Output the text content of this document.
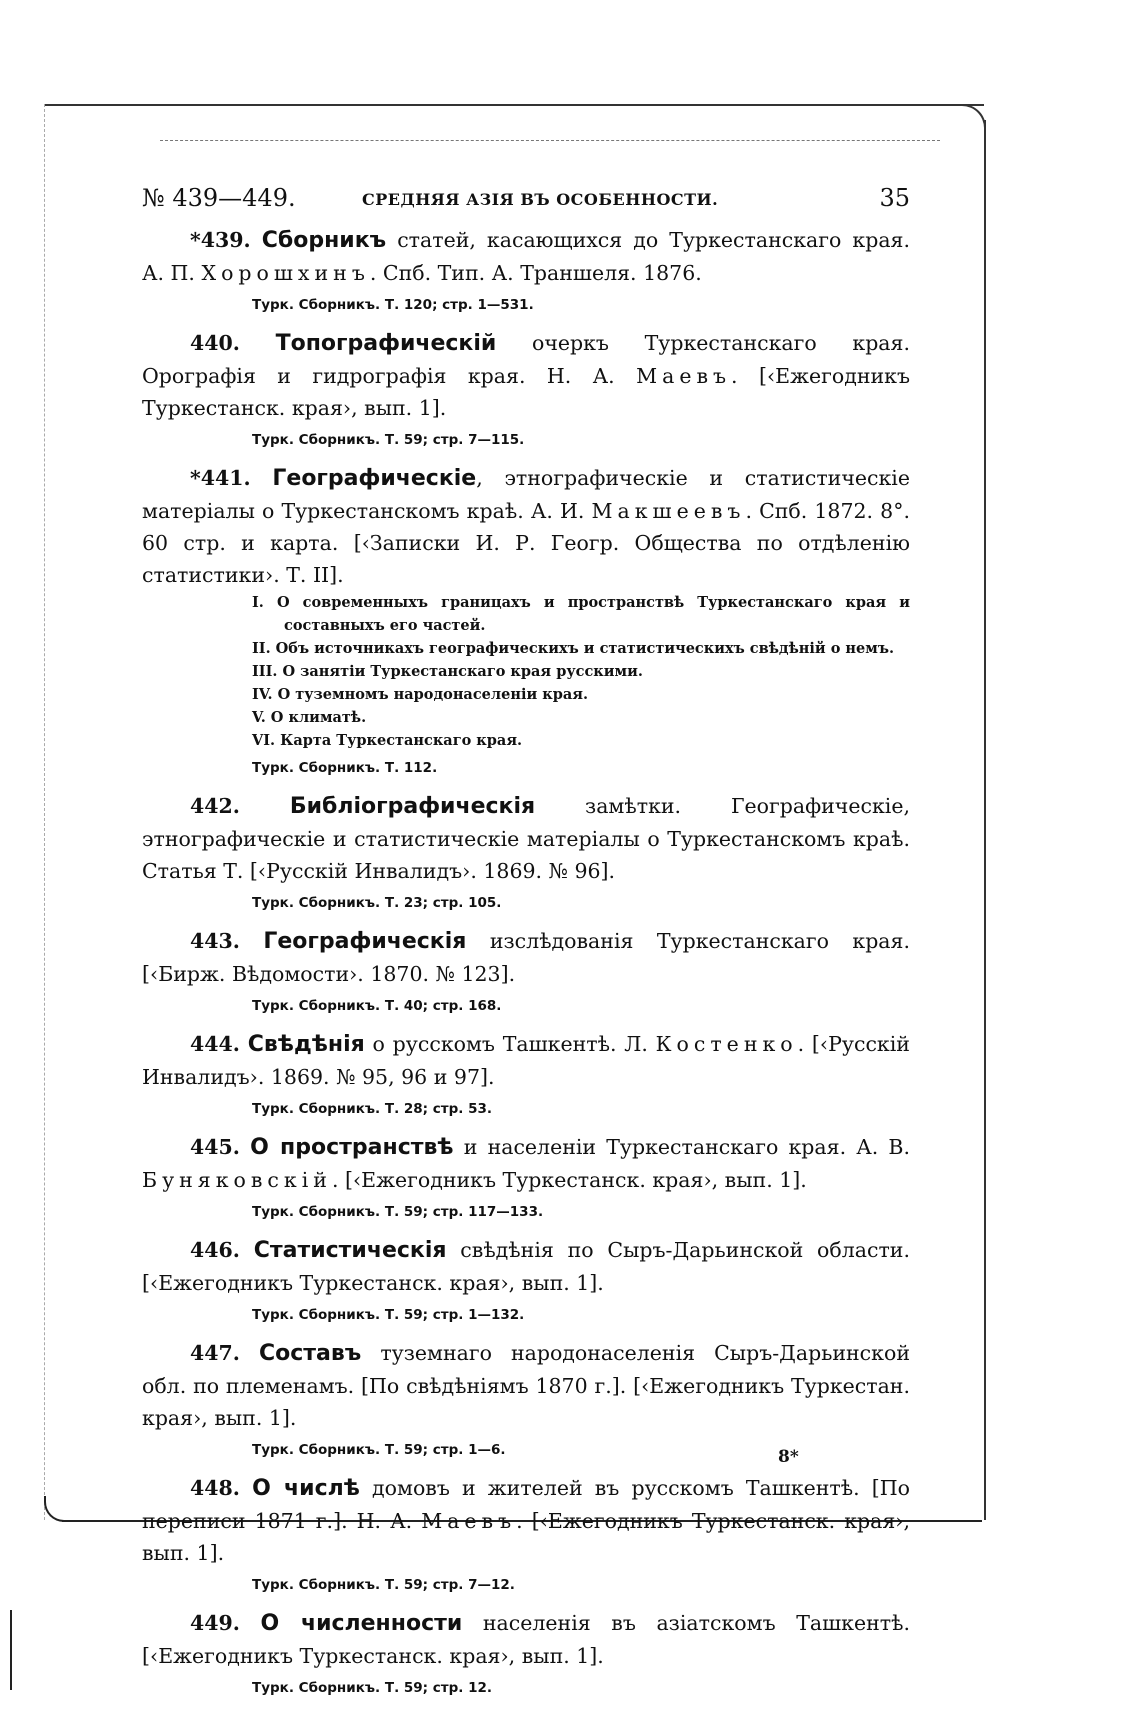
№ 439—449.	СРЕДНЯЯ АЗІЯ ВЪ ОСОБЕННОСТИ.	35

*439. Сборникъ статей, касающихся до Туркестанскаго края. А. П. Хорошхинъ. Спб. Тип. А. Траншеля. 1876.

Турк. Сборникъ. Т. 120; стр. 1—531.

440. Топографическій очеркъ Туркестанскаго края. Орографія и гидрографія края. Н. А. Маевъ. [‹Ежегодникъ Туркестанск. края›, вып. 1].

Турк. Сборникъ. Т. 59; стр. 7—115.

*441. Географическіе, этнографическіе и статистическіе матеріалы о Туркестанскомъ краѣ. А. И. Макшеевъ. Спб. 1872. 8°. 60 стр. и карта. [‹Записки И. Р. Геогр. Общества по отдѣленію статистики›. Т. II].

I. О современныхъ границахъ и пространствѣ Туркестанскаго края и составныхъ его частей.
II. Объ источникахъ географическихъ и статистическихъ свѣдѣній о немъ.
III. О занятіи Туркестанскаго края русскими.
IV. О туземномъ народонаселеніи края.
V. О климатѣ.
VI. Карта Туркестанскаго края.
Турк. Сборникъ. Т. 112.

442. Библіографическія замѣтки. Географическіе, этнографическіе и статистическіе матеріалы о Туркестанскомъ краѣ. Статья Т. [‹Русскій Инвалидъ›. 1869. № 96].

Турк. Сборникъ. Т. 23; стр. 105.

443. Географическія изслѣдованія Туркестанскаго края. [‹Бирж. Вѣдомости›. 1870. № 123].

Турк. Сборникъ. Т. 40; стр. 168.

444. Свѣдѣнія о русскомъ Ташкентѣ. Л. Костенко. [‹Русскій Инвалидъ›. 1869. № 95, 96 и 97].

Турк. Сборникъ. Т. 28; стр. 53.

445. О пространствѣ и населеніи Туркестанскаго края. А. В. Буняковскій. [‹Ежегодникъ Туркестанск. края›, вып. 1].

Турк. Сборникъ. Т. 59; стр. 117—133.

446. Статистическія свѣдѣнія по Сыръ-Дарьинской области. [‹Ежегодникъ Туркестанск. края›, вып. 1].

Турк. Сборникъ. Т. 59; стр. 1—132.

447. Составъ туземнаго народонаселенія Сыръ-Дарьинской обл. по племенамъ. [По свѣдѣніямъ 1870 г.]. [‹Ежегодникъ Туркестан. края›, вып. 1].

Турк. Сборникъ. Т. 59; стр. 1—6.

448. О числѣ домовъ и жителей въ русскомъ Ташкентѣ. [По переписи 1871 г.]. Н. А. Маевъ. [‹Ежегодникъ Туркестанск. края›, вып. 1].

Турк. Сборникъ. Т. 59; стр. 7—12.

449. О численности населенія въ азіатскомъ Ташкентѣ. [‹Ежегодникъ Туркестанск. края›, вып. 1].

Турк. Сборникъ. Т. 59; стр. 12.
8*
